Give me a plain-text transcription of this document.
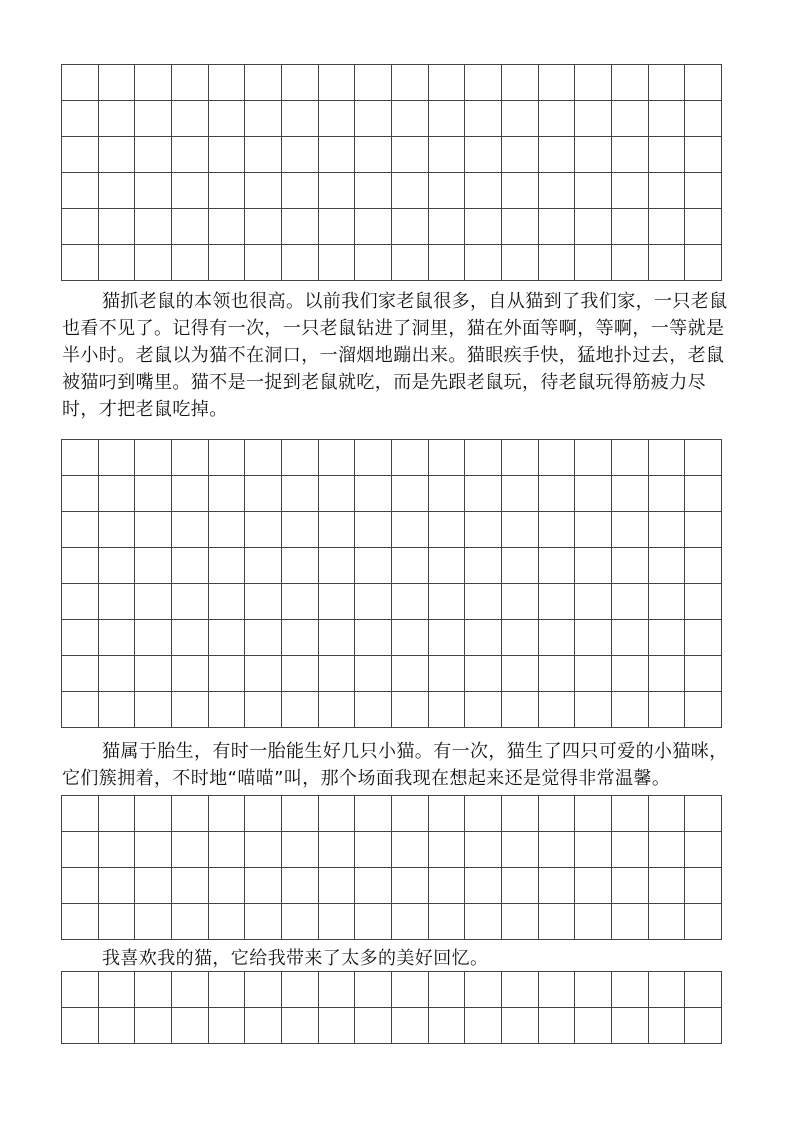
猫抓老鼠的本领也很高。以前我们家老鼠很多，自从猫到了我们家，一只老鼠也看不见了。记得有一次，一只老鼠钻进了洞里，猫在外面等啊，等啊，一等就是半小时。老鼠以为猫不在洞口，一溜烟地蹦出来。猫眼疾手快，猛地扑过去，老鼠被猫叼到嘴里。猫不是一捉到老鼠就吃，而是先跟老鼠玩，待老鼠玩得筋疲力尽时，才把老鼠吃掉。

猫属于胎生，有时一胎能生好几只小猫。有一次，猫生了四只可爱的小猫咪，它们簇拥着，不时地“喵喵”叫，那个场面我现在想起来还是觉得非常温馨。

我喜欢我的猫，它给我带来了太多的美好回忆。
